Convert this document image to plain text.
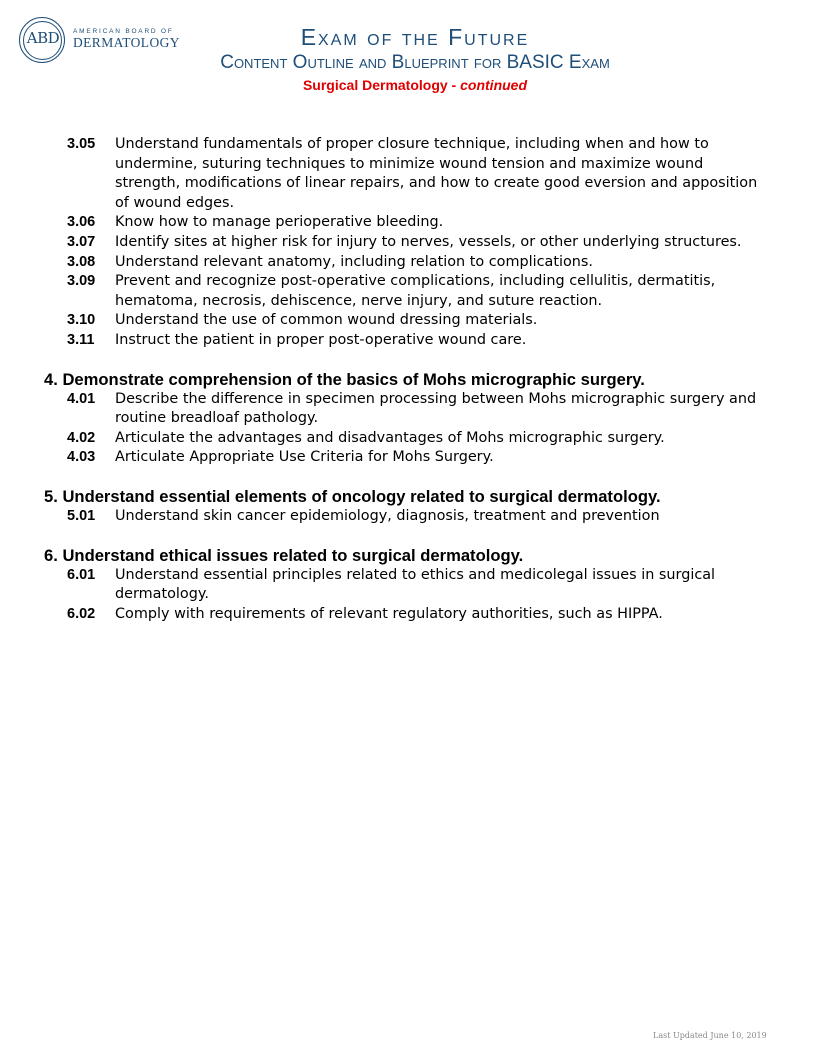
ABD	AMERICAN BOARD OF
DERMATOLOGY	Exam of the Future
Content Outline and Blueprint for BASIC Exam
Surgical Dermatology - continued
3.05 Understand fundamentals of proper closure technique, including when and how to undermine, suturing techniques to minimize wound tension and maximize wound strength, modifications of linear repairs, and how to create good eversion and apposition of wound edges.
3.06 Know how to manage perioperative bleeding.
3.07 Identify sites at higher risk for injury to nerves, vessels, or other underlying structures.
3.08 Understand relevant anatomy, including relation to complications.
3.09 Prevent and recognize post-operative complications, including cellulitis, dermatitis, hematoma, necrosis, dehiscence, nerve injury, and suture reaction.
3.10 Understand the use of common wound dressing materials.
3.11 Instruct the patient in proper post-operative wound care.
4. Demonstrate comprehension of the basics of Mohs micrographic surgery.
4.01 Describe the difference in specimen processing between Mohs micrographic surgery and routine breadloaf pathology.
4.02 Articulate the advantages and disadvantages of Mohs micrographic surgery.
4.03 Articulate Appropriate Use Criteria for Mohs Surgery.
5. Understand essential elements of oncology related to surgical dermatology.
5.01 Understand skin cancer epidemiology, diagnosis, treatment and prevention
6. Understand ethical issues related to surgical dermatology.
6.01 Understand essential principles related to ethics and medicolegal issues in surgical dermatology.
6.02 Comply with requirements of relevant regulatory authorities, such as HIPPA.
Last Updated June 10, 2019
